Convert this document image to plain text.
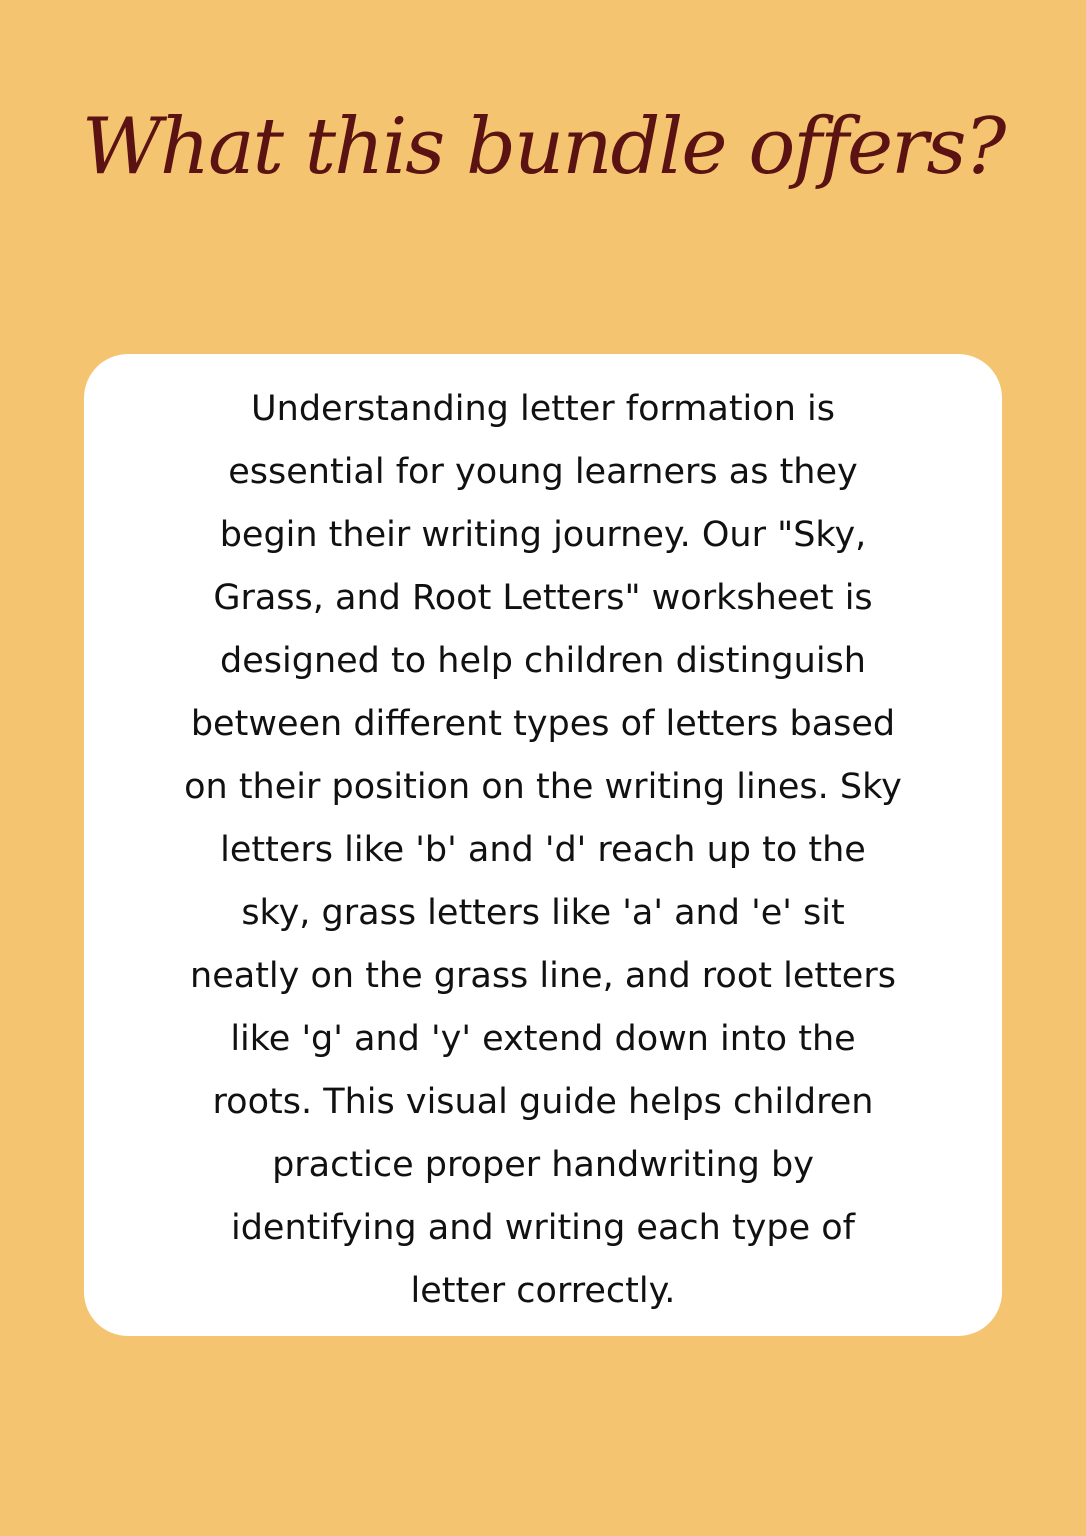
What this bundle offers?

Understanding letter formation is
essential for young learners as they
begin their writing journey. Our "Sky,
Grass, and Root Letters" worksheet is
designed to help children distinguish
between different types of letters based
on their position on the writing lines. Sky
letters like 'b' and 'd' reach up to the
sky, grass letters like 'a' and 'e' sit
neatly on the grass line, and root letters
like 'g' and 'y' extend down into the
roots. This visual guide helps children
practice proper handwriting by
identifying and writing each type of
letter correctly.
